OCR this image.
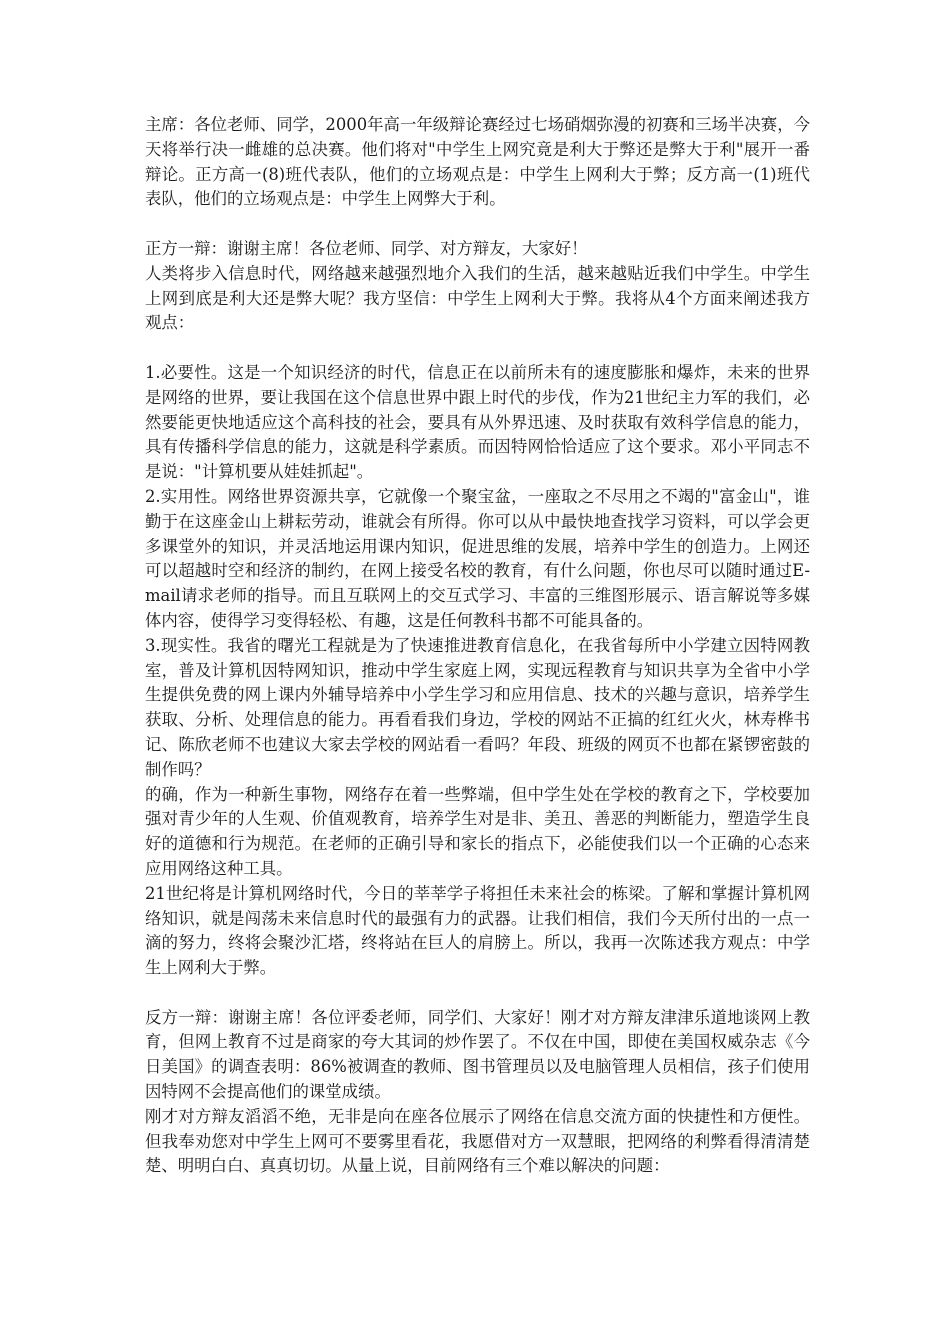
主席：各位老师、同学，2000年高一年级辩论赛经过七场硝烟弥漫的初赛和三场半决赛，今天将举行决一雌雄的总决赛。他们将对"中学生上网究竟是利大于弊还是弊大于利"展开一番辩论。正方高一(8)班代表队，他们的立场观点是：中学生上网利大于弊；反方高一(1)班代表队，他们的立场观点是：中学生上网弊大于利。

正方一辩：谢谢主席！各位老师、同学、对方辩友，大家好！

人类将步入信息时代，网络越来越强烈地介入我们的生活，越来越贴近我们中学生。中学生上网到底是利大还是弊大呢？我方坚信：中学生上网利大于弊。我将从4个方面来阐述我方观点：

1.必要性。这是一个知识经济的时代，信息正在以前所未有的速度膨胀和爆炸，未来的世界是网络的世界，要让我国在这个信息世界中跟上时代的步伐，作为21世纪主力军的我们，必然要能更快地适应这个高科技的社会，要具有从外界迅速、及时获取有效科学信息的能力，具有传播科学信息的能力，这就是科学素质。而因特网恰恰适应了这个要求。邓小平同志不是说："计算机要从娃娃抓起"。

2.实用性。网络世界资源共享，它就像一个聚宝盆，一座取之不尽用之不竭的"富金山"，谁勤于在这座金山上耕耘劳动，谁就会有所得。你可以从中最快地查找学习资料，可以学会更多课堂外的知识，并灵活地运用课内知识，促进思维的发展，培养中学生的创造力。上网还可以超越时空和经济的制约，在网上接受名校的教育，有什么问题，你也尽可以随时通过E-mail请求老师的指导。而且互联网上的交互式学习、丰富的三维图形展示、语言解说等多媒体内容，使得学习变得轻松、有趣，这是任何教科书都不可能具备的。

3.现实性。我省的曙光工程就是为了快速推进教育信息化，在我省每所中小学建立因特网教室，普及计算机因特网知识，推动中学生家庭上网，实现远程教育与知识共享为全省中小学生提供免费的网上课内外辅导培养中小学生学习和应用信息、技术的兴趣与意识，培养学生获取、分析、处理信息的能力。再看看我们身边，学校的网站不正搞的红红火火，林寿桦书记、陈欣老师不也建议大家去学校的网站看一看吗？年段、班级的网页不也都在紧锣密鼓的制作吗？

的确，作为一种新生事物，网络存在着一些弊端，但中学生处在学校的教育之下，学校要加强对青少年的人生观、价值观教育，培养学生对是非、美丑、善恶的判断能力，塑造学生良好的道德和行为规范。在老师的正确引导和家长的指点下，必能使我们以一个正确的心态来应用网络这种工具。

21世纪将是计算机网络时代，今日的莘莘学子将担任未来社会的栋梁。了解和掌握计算机网络知识，就是闯荡未来信息时代的最强有力的武器。让我们相信，我们今天所付出的一点一滴的努力，终将会聚沙汇塔，终将站在巨人的肩膀上。所以，我再一次陈述我方观点：中学生上网利大于弊。

反方一辩：谢谢主席！各位评委老师，同学们、大家好！刚才对方辩友津津乐道地谈网上教育，但网上教育不过是商家的夸大其词的炒作罢了。不仅在中国，即使在美国权威杂志《今日美国》的调查表明：86%被调查的教师、图书管理员以及电脑管理人员相信，孩子们使用因特网不会提高他们的课堂成绩。

刚才对方辩友滔滔不绝，无非是向在座各位展示了网络在信息交流方面的快捷性和方便性。但我奉劝您对中学生上网可不要雾里看花，我愿借对方一双慧眼，把网络的利弊看得清清楚楚、明明白白、真真切切。从量上说，目前网络有三个难以解决的问题：
